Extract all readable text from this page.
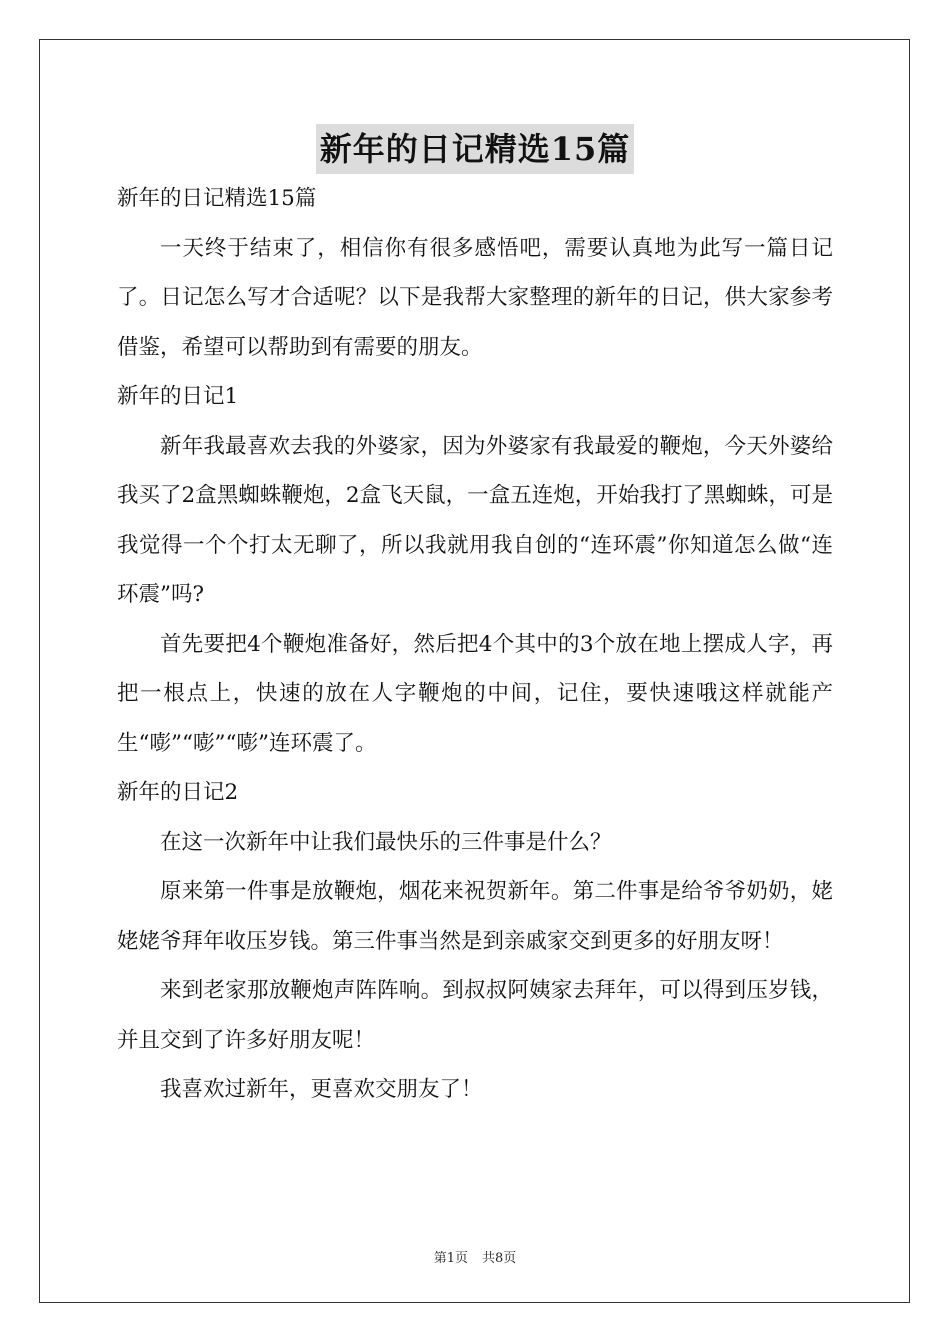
新年的日记精选15篇

新年的日记精选15篇

一天终于结束了，相信你有很多感悟吧，需要认真地为此写一篇日记了。日记怎么写才合适呢？以下是我帮大家整理的新年的日记，供大家参考借鉴，希望可以帮助到有需要的朋友。

新年的日记1

新年我最喜欢去我的外婆家，因为外婆家有我最爱的鞭炮，今天外婆给我买了2盒黑蜘蛛鞭炮，2盒飞天鼠，一盒五连炮，开始我打了黑蜘蛛，可是我觉得一个个打太无聊了，所以我就用我自创的“连环震”你知道怎么做“连环震”吗?

首先要把4个鞭炮准备好，然后把4个其中的3个放在地上摆成人字，再把一根点上，快速的放在人字鞭炮的中间，记住，要快速哦这样就能产生“嘭”“嘭”“嘭”连环震了。

新年的日记2

在这一次新年中让我们最快乐的三件事是什么？

原来第一件事是放鞭炮，烟花来祝贺新年。第二件事是给爷爷奶奶，姥姥姥爷拜年收压岁钱。第三件事当然是到亲戚家交到更多的好朋友呀！

来到老家那放鞭炮声阵阵响。到叔叔阿姨家去拜年，可以得到压岁钱，并且交到了许多好朋友呢！

我喜欢过新年，更喜欢交朋友了！

第1页 共8页
